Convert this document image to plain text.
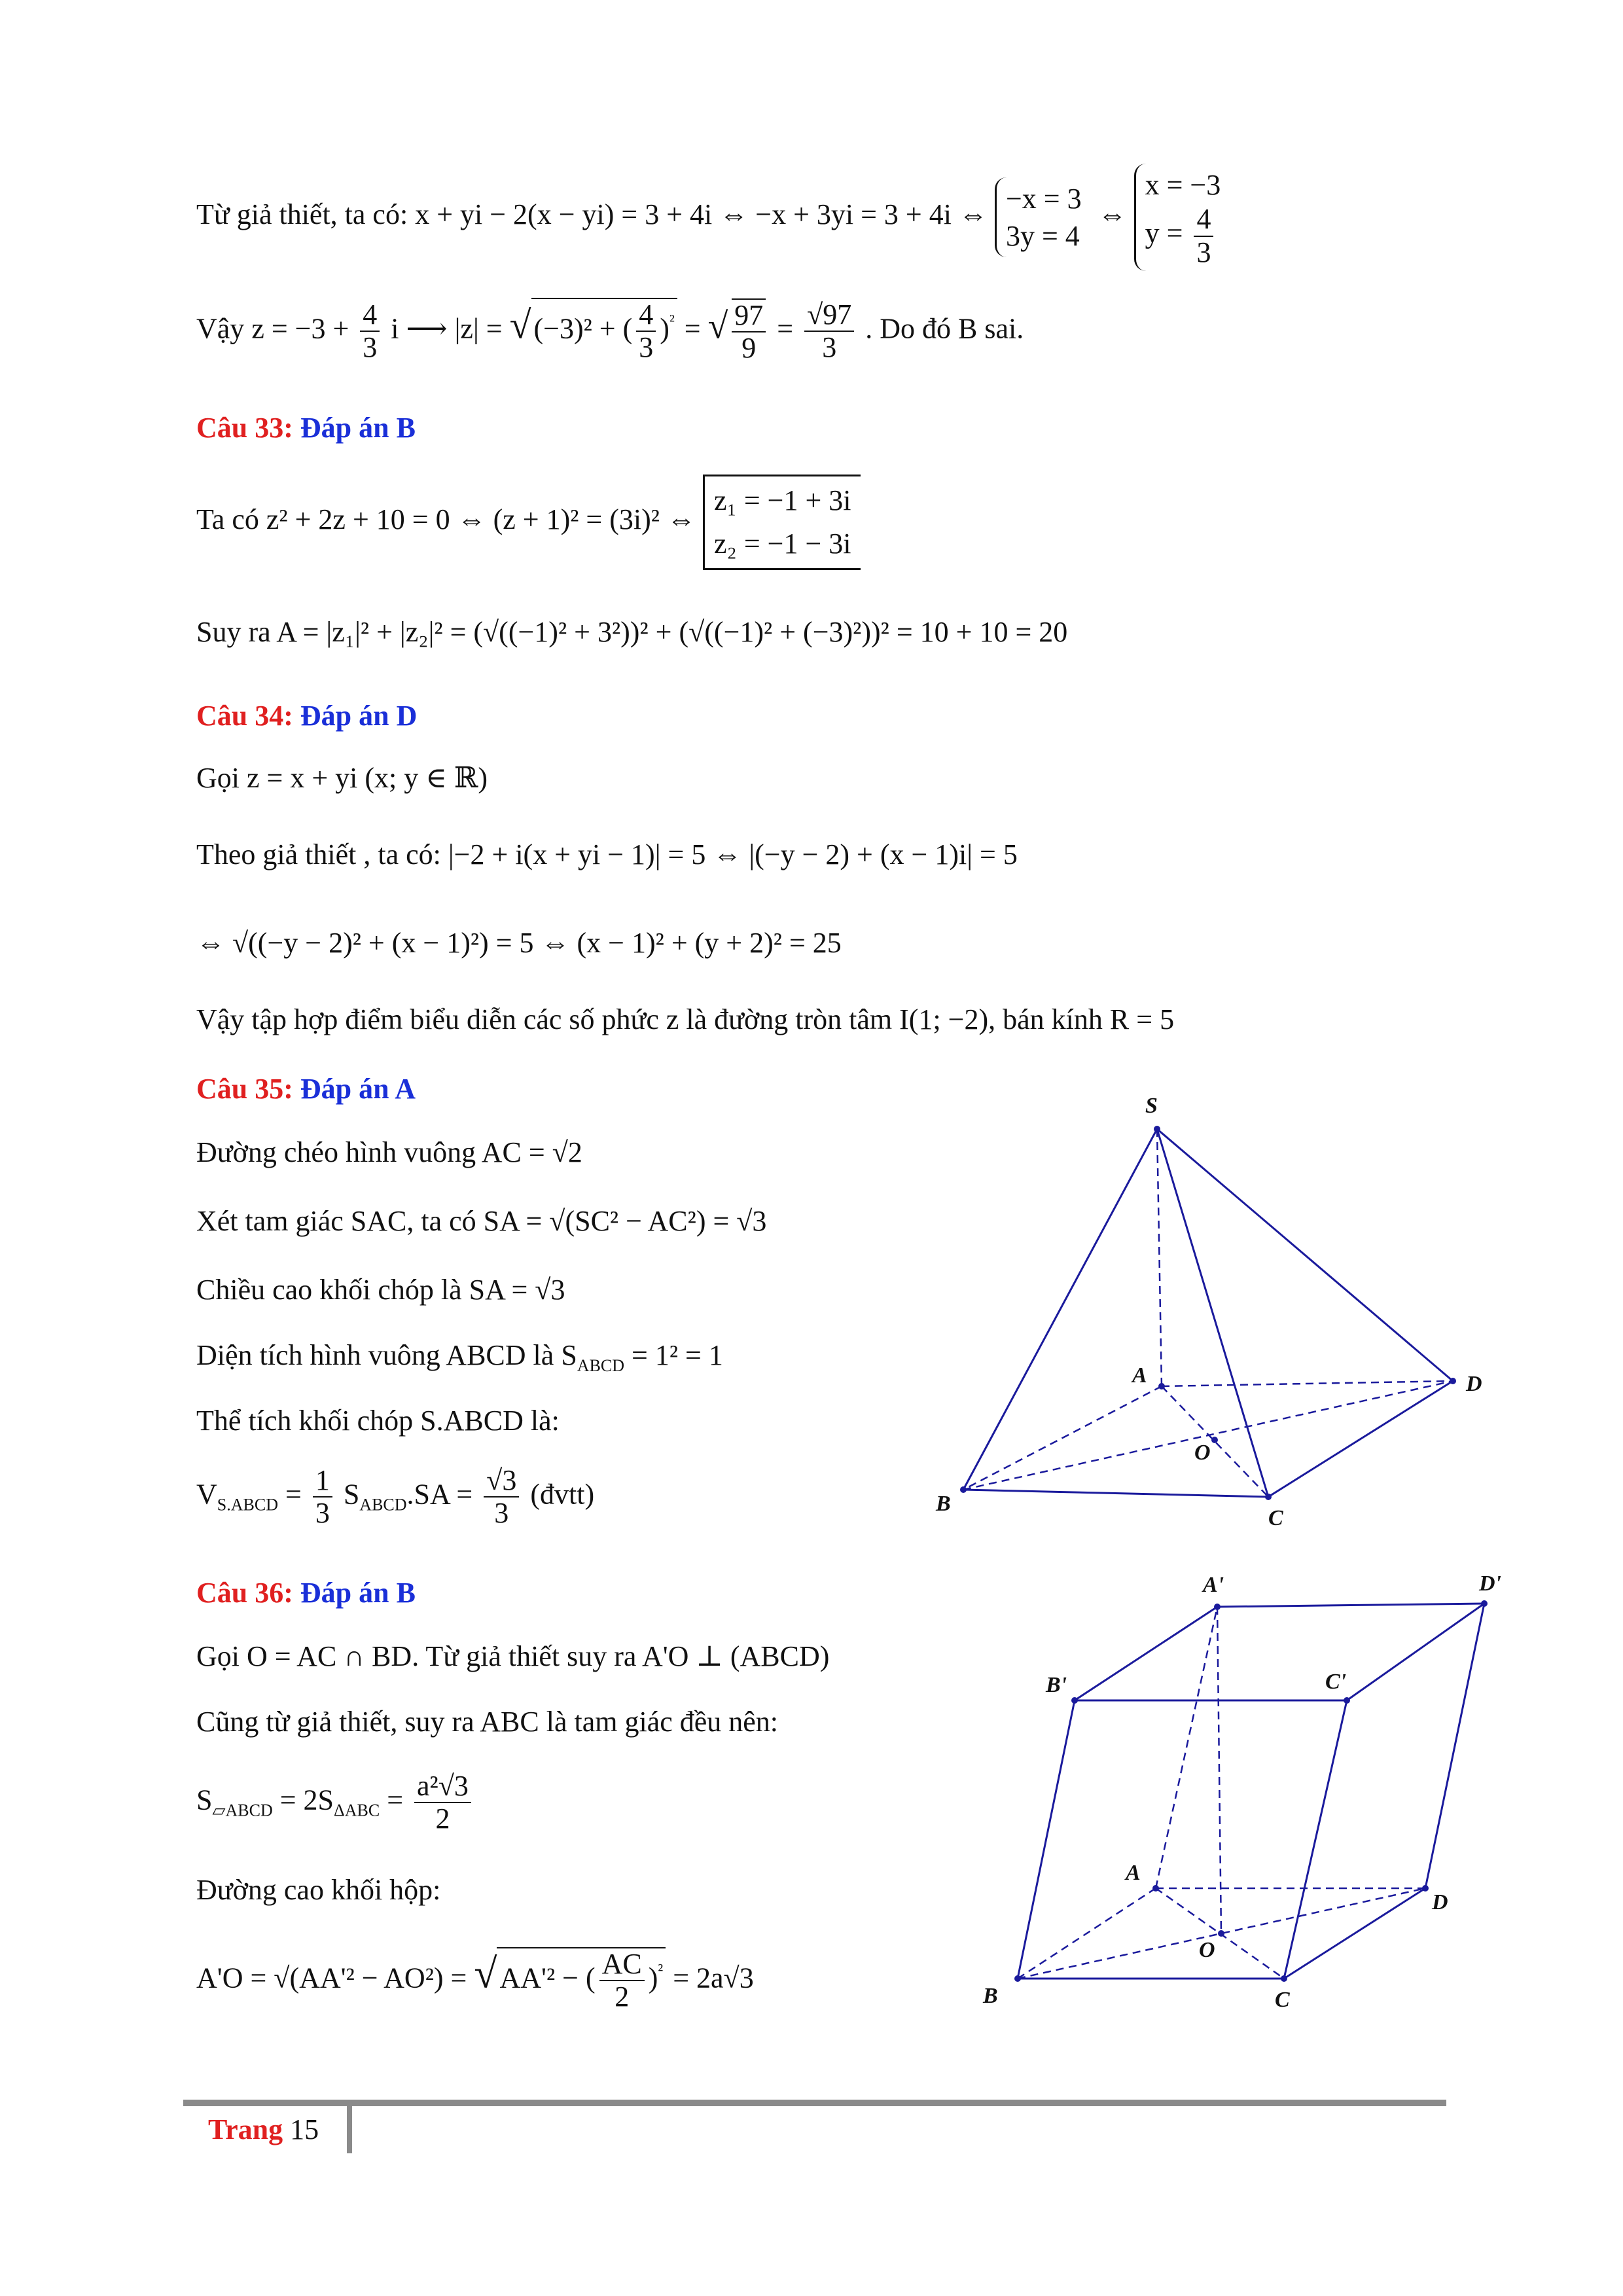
Từ giả thiết, ta có: x + yi − 2(x − yi) = 3 + 4i ⇔ −x + 3yi = 3 + 4i ⇔ −x = 3
3y = 4
⇔
x = −3
$y = \frac{4}{3}$
Vậy $z = -3 + \frac{4}{3}$ i ⟶ |z| = √(−3)² + ( $\frac{4}{3} )^{^2}$ = √ $\frac{97}{9} = \frac{√97}{3}$ . Do đó B sai.
Câu 33: Đáp án B
Ta có z² + 2z + 10 = 0 ⇔ (z + 1)² = (3i)² ⇔
z₁ = −1 + 3i
z₂ = −1 − 3i
Suy ra A = |z₁|² + |z₂|² = (√((−1)² + 3²))² + (√((−1)² + (−3)²))² = 10 + 10 = 20
Câu 34: Đáp án D
Gọi z = x + yi (x; y ∈ ℝ)
Theo giả thiết , ta có: |−2 + i(x + yi − 1)| = 5 ⇔ |(−y − 2) + (x − 1)i| = 5
⇔ √((−y − 2)² + (x − 1)²) = 5 ⇔ (x − 1)² + (y + 2)² = 25
Vậy tập hợp điểm biểu diễn các số phức z là đường tròn tâm I(1; −2), bán kính R = 5
Câu 35: Đáp án A
Đường chéo hình vuông AC = √2
Xét tam giác SAC, ta có SA = √(SC² − AC²) = √3
Chiều cao khối chóp là SA = √3
Diện tích hình vuông ABCD là $S_{ABCD} = 1^2 = 1$
Thể tích khối chóp S.ABCD là:
$V_{S.ABCD} = \frac{1}{3} S_{ABCD}.SA = \frac{√3}{3}$ (đvtt)
Câu 36: Đáp án B
Gọi O = AC ∩ BD. Từ giả thiết suy ra A'O ⊥ (ABCD)
Cũng từ giả thiết, suy ra ABC là tam giác đều nên:
$S_{▱ABCD} = 2S_{\Delta ABC} = \frac{\text{a²√3}}{2}$
Đường cao khối hộp:
A'O = √(AA'² − AO²) = √AA'² − ( $\frac{AC}{2} )^{^2} = 2a√3$
S
A
B
C
D
O
A'	D'
B'	C'
A
D
O
B	C
Trang 15
